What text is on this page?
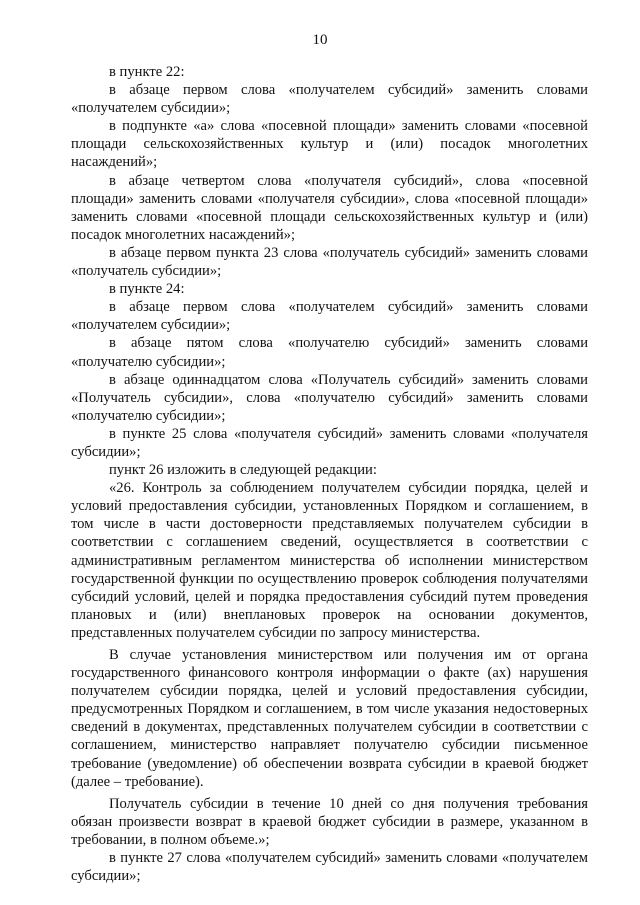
10

в пункте 22:

в абзаце первом слова «получателем субсидий» заменить словами «получателем субсидии»;

в подпункте «а» слова «посевной площади» заменить словами «посевной площади сельскохозяйственных культур и (или) посадок многолетних насаждений»;

в абзаце четвертом слова «получателя субсидий», слова «посевной площади» заменить словами «получателя субсидии», слова «посевной площади» заменить словами «посевной площади сельскохозяйственных культур и (или) посадок многолетних насаждений»;

в абзаце первом пункта 23 слова «получатель субсидий» заменить словами «получатель субсидии»;

в пункте 24:

в абзаце первом слова «получателем субсидий» заменить словами «получателем субсидии»;

в абзаце пятом слова «получателю субсидий» заменить словами «получателю субсидии»;

в абзаце одиннадцатом слова «Получатель субсидий» заменить словами «Получатель субсидии», слова «получателю субсидий» заменить словами «получателю субсидии»;

в пункте 25 слова «получателя субсидий» заменить словами «получателя субсидии»;

пункт 26 изложить в следующей редакции:

«26. Контроль за соблюдением получателем субсидии порядка, целей и условий предоставления субсидии, установленных Порядком и соглашением, в том числе в части достоверности представляемых получателем субсидии в соответствии с соглашением сведений, осуществляется в соответствии с административным регламентом министерства об исполнении министерством государственной функции по осуществлению проверок соблюдения получателями субсидий условий, целей и порядка предоставления субсидий путем проведения плановых и (или) внеплановых проверок на основании документов, представленных получателем субсидии по запросу министерства.

В случае установления министерством или получения им от органа государственного финансового контроля информации о факте (ах) нарушения получателем субсидии порядка, целей и условий предоставления субсидии, предусмотренных Порядком и соглашением, в том числе указания недостоверных сведений в документах, представленных получателем субсидии в соответствии с соглашением, министерство направляет получателю субсидии письменное требование (уведомление) об обеспечении возврата субсидии в краевой бюджет (далее – требование).

Получатель субсидии в течение 10 дней со дня получения требования обязан произвести возврат в краевой бюджет субсидии в размере, указанном в требовании, в полном объеме.»;

в пункте 27 слова «получателем субсидий» заменить словами «получателем субсидии»;
